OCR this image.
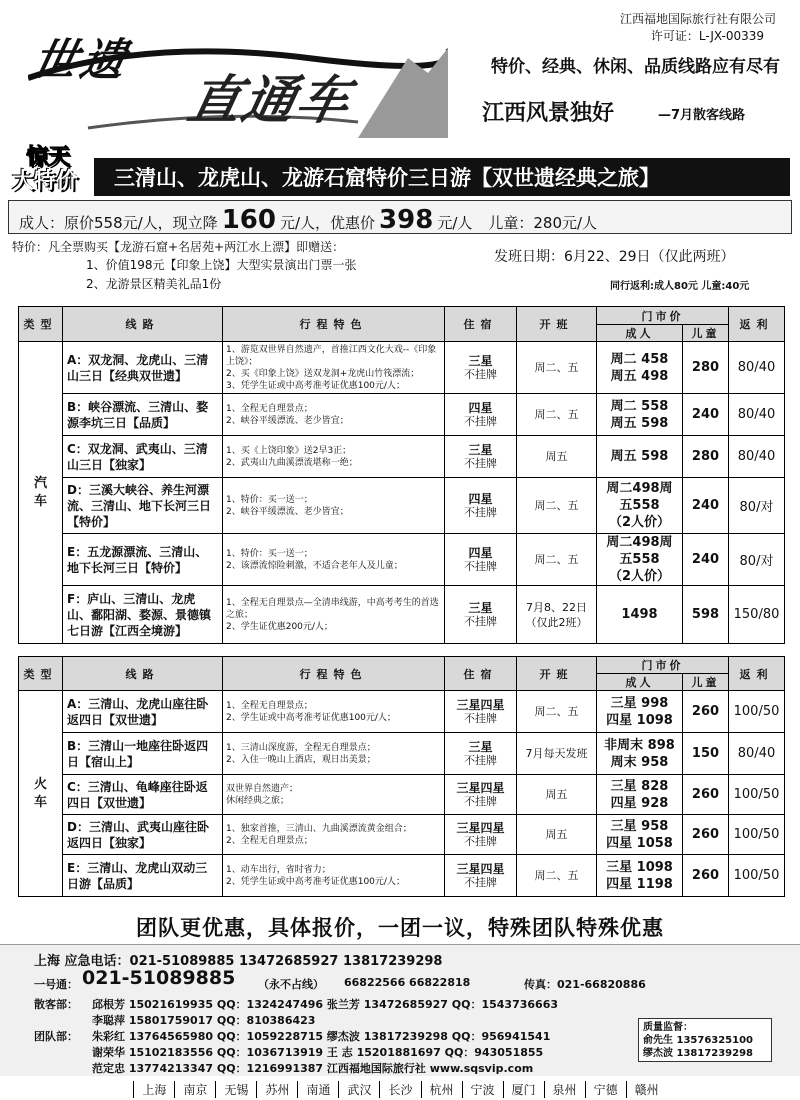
世遗
直通车
江西福地国际旅行社有限公司
许可证：L-JX-00339
特价、经典、休闲、品质线路应有尽有
江西风景独好	—7月散客线路
惊天
大特价	三清山、龙虎山、龙游石窟特价三日游【双世遗经典之旅】
成人：原价558元/人，现立降 160 元/人，优惠价 398 元/人 儿童：280元/人
特价：凡全票购买【龙游石窟+名居苑+两江水上漂】即赠送：
1、价值198元【印象上饶】大型实景演出门票一张
2、龙游景区精美礼品1份
发班日期：6月22、29日（仅此两班）
同行返利:成人80元 儿童:40元
类型	线路	行程特色	住宿	开班	门市价		返利
					成人	儿童	
汽
车	A：双龙洞、龙虎山、三清山三日【经典双世遗】	1、游览双世界自然遗产，首推江西文化大戏--《印象上饶》；
2、买《印象上饶》送双龙洞+龙虎山竹筏漂流；
3、凭学生证或中高考准考证优惠100元/人；	三星
不挂牌	周二、五	周二 458
周五 498	280	80/40
	B：峡谷漂流、三清山、婺源李坑三日【品质】	1、全程无自理景点；
2、峡谷平缓漂流、老少皆宜；	四星
不挂牌	周二、五	周二 558
周五 598	240	80/40
	C：双龙洞、武夷山、三清山三日【独家】	1、买《上饶印象》送2早3正；
2、武夷山九曲溪漂流堪称一绝；	三星
不挂牌	周五	周五 598	280	80/40
	D：三溪大峡谷、养生河漂流、三清山、地下长河三日【特价】	1、特价：买一送一；
2、峡谷平缓漂流、老少皆宜；	四星
不挂牌	周二、五	周二498周
五558
（2人价）	240	80/对
	E：五龙源漂流、三清山、地下长河三日【特价】	1、特价：买一送一；
2、该漂流惊险刺激，不适合老年人及儿童；	四星
不挂牌	周二、五	周二498周
五558
（2人价）	240	80/对
	F：庐山、三清山、龙虎山、鄱阳湖、婺源、景德镇七日游【江西全境游】	1、全程无自理景点—全清串线游，中高考考生的首选之旅；
2、学生证优惠200元/人；	三星
不挂牌	7月8、22日
（仅此2班）	1498	598	150/80
类型	线路	行程特色	住宿	开班	门市价		返利
					成人	儿童	
火
车	A：三清山、龙虎山座往卧返四日【双世遗】	1、全程无自理景点；
2、学生证或中高考准考证优惠100元/人；	三星四星
不挂牌	周二、五	三星 998
四星 1098	260	100/50
	B：三清山一地座往卧返四日【宿山上】	1、三清山深度游，全程无自理景点；
2、入住一晚山上酒店，观日出美景；	三星
不挂牌	7月每天发班	非周末 898
周末 958	150	80/40
	C：三清山、龟峰座往卧返四日【双世遗】	双世界自然遗产；
休闲经典之旅；	三星四星
不挂牌	周五	三星 828
四星 928	260	100/50
	D：三清山、武夷山座往卧返四日【独家】	1、独家首推，三清山、九曲溪漂流黄金组合；
2、全程无自理景点；	三星四星
不挂牌	周五	三星 958
四星 1058	260	100/50
	E：三清山、龙虎山双动三日游【品质】	1、动车出行，省时省力；
2、凭学生证或中高考准考证优惠100元/人；	三星四星
不挂牌	周二、五	三星 1098
四星 1198	260	100/50
团队更优惠，具体报价，一团一议，特殊团队特殊优惠
上海 应急电话：021-51089885 13472685927 13817239298
一号通： 021-51089885 （永不占线） 66822566 66822818	传真：021-66820886
散客部： 邱根芳 15021619935 QQ：1324247496 张兰芳 13472685927 QQ：1543736663
李聪萍 15801759017 QQ：810386423
团队部： 朱彩红 13764565980 QQ：1059228715 缪杰波 13817239298 QQ：956941541
谢荣华 15102183556 QQ：1036713919 王 志 15201881697 QQ：943051855
范定忠 13774213347 QQ：1216991387 江西福地国际旅行社 www.sqsvip.com
质量监督：
俞先生 13576325100
缪杰波 13817239298
上海	南京	无锡	苏州	南通	武汉	长沙	杭州	宁波	厦门	泉州	宁德	赣州
